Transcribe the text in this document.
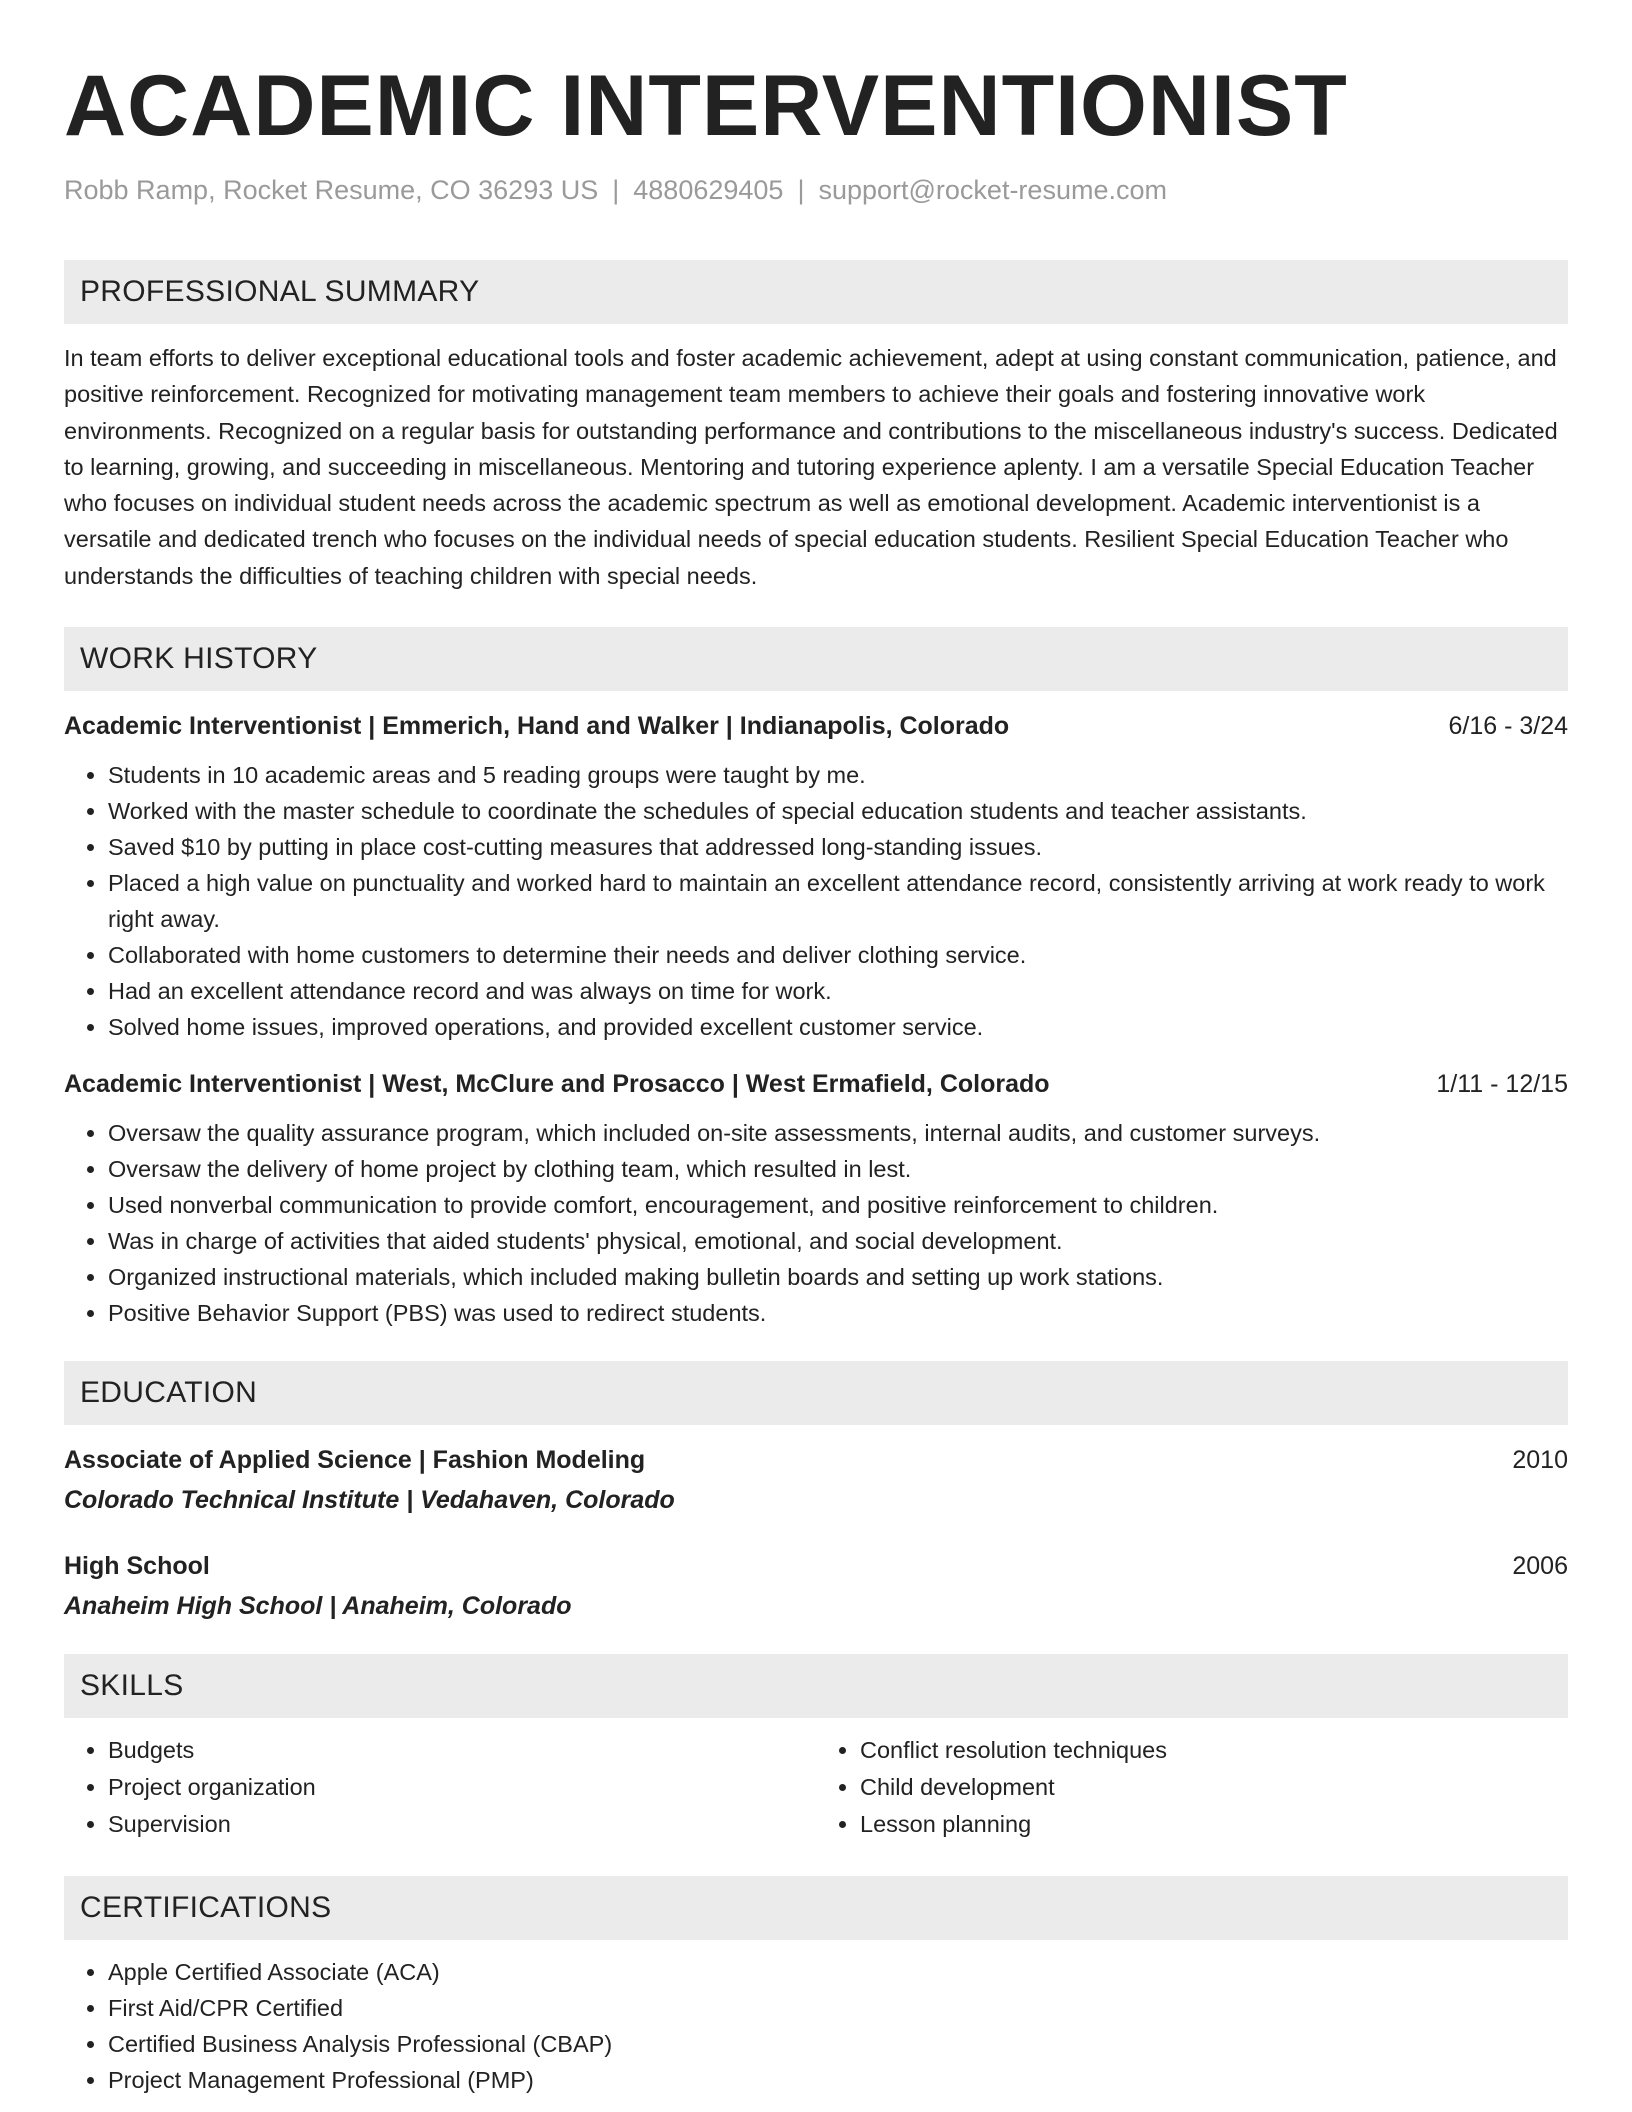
ACADEMIC INTERVENTIONIST
Robb Ramp, Rocket Resume, CO 36293 US | 4880629405 | support@rocket-resume.com
PROFESSIONAL SUMMARY

In team efforts to deliver exceptional educational tools and foster academic achievement, adept at using constant communication, patience, and positive reinforcement. Recognized for motivating management team members to achieve their goals and fostering innovative work environments. Recognized on a regular basis for outstanding performance and contributions to the miscellaneous industry's success. Dedicated to learning, growing, and succeeding in miscellaneous. Mentoring and tutoring experience aplenty. I am a versatile Special Education Teacher who focuses on individual student needs across the academic spectrum as well as emotional development. Academic interventionist is a versatile and dedicated trench who focuses on the individual needs of special education students. Resilient Special Education Teacher who understands the difficulties of teaching children with special needs.

WORK HISTORY
Academic Interventionist | Emmerich, Hand and Walker | Indianapolis, Colorado	6/16 - 3/24
• Students in 10 academic areas and 5 reading groups were taught by me.
• Worked with the master schedule to coordinate the schedules of special education students and teacher assistants.
• Saved $10 by putting in place cost-cutting measures that addressed long-standing issues.
• Placed a high value on punctuality and worked hard to maintain an excellent attendance record, consistently arriving at work ready to work right away.
• Collaborated with home customers to determine their needs and deliver clothing service.
• Had an excellent attendance record and was always on time for work.
• Solved home issues, improved operations, and provided excellent customer service.
Academic Interventionist | West, McClure and Prosacco | West Ermafield, Colorado	1/11 - 12/15
• Oversaw the quality assurance program, which included on-site assessments, internal audits, and customer surveys.
• Oversaw the delivery of home project by clothing team, which resulted in lest.
• Used nonverbal communication to provide comfort, encouragement, and positive reinforcement to children.
• Was in charge of activities that aided students' physical, emotional, and social development.
• Organized instructional materials, which included making bulletin boards and setting up work stations.
• Positive Behavior Support (PBS) was used to redirect students.
EDUCATION
Associate of Applied Science | Fashion Modeling	2010
Colorado Technical Institute | Vedahaven, Colorado
High School	2006
Anaheim High School | Anaheim, Colorado
SKILLS
• Budgets
• Project organization
• Supervision
• Conflict resolution techniques
• Child development
• Lesson planning
CERTIFICATIONS
• Apple Certified Associate (ACA)
• First Aid/CPR Certified
• Certified Business Analysis Professional (CBAP)
• Project Management Professional (PMP)
